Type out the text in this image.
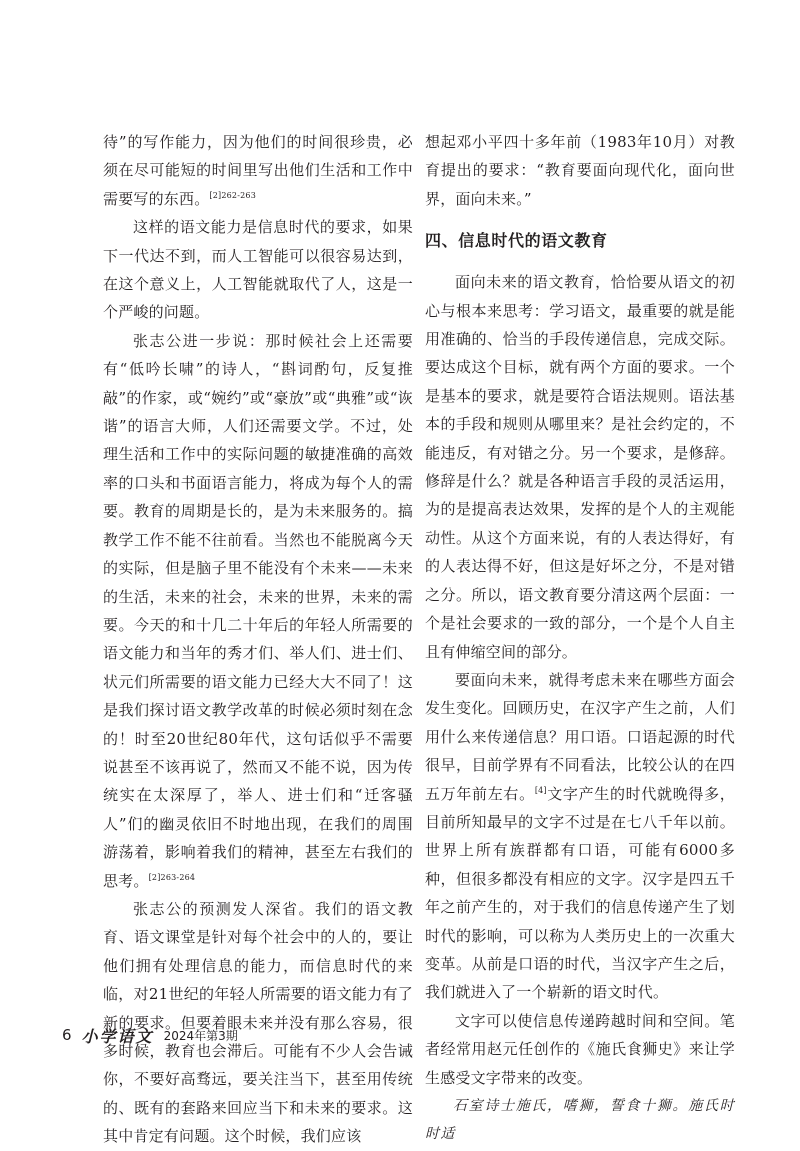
待”的写作能力，因为他们的时间很珍贵，必须在尽可能短的时间里写出他们生活和工作中需要写的东西。$^{[2]262-263}$

这样的语文能力是信息时代的要求，如果下一代达不到，而人工智能可以很容易达到，在这个意义上，人工智能就取代了人，这是一个严峻的问题。

张志公进一步说：那时候社会上还需要有“低吟长啸”的诗人，“斟词酌句，反复推敲”的作家，或“婉约”或“豪放”或“典雅”或“诙谐”的语言大师，人们还需要文学。不过，处理生活和工作中的实际问题的敏捷准确的高效率的口头和书面语言能力，将成为每个人的需要。教育的周期是长的，是为未来服务的。搞教学工作不能不往前看。当然也不能脱离今天的实际，但是脑子里不能没有个未来——未来的生活，未来的社会，未来的世界，未来的需要。今天的和十几二十年后的年轻人所需要的语文能力和当年的秀才们、举人们、进士们、状元们所需要的语文能力已经大大不同了！这是我们探讨语文教学改革的时候必须时刻在念的！时至20世纪80年代，这句话似乎不需要说甚至不该再说了，然而又不能不说，因为传统实在太深厚了，举人、进士们和“迁客骚人”们的幽灵依旧不时地出现，在我们的周围游荡着，影响着我们的精神，甚至左右我们的思考。$^{[2]263-264}$

张志公的预测发人深省。我们的语文教育、语文课堂是针对每个社会中的人的，要让他们拥有处理信息的能力，而信息时代的来临，对21世纪的年轻人所需要的语文能力有了新的要求。但要着眼未来并没有那么容易，很多时候，教育也会滞后。可能有不少人会告诫你，不要好高骛远，要关注当下，甚至用传统的、既有的套路来回应当下和未来的要求。这其中肯定有问题。这个时候，我们应该

想起邓小平四十多年前（1983年10月）对教育提出的要求：“教育要面向现代化，面向世界，面向未来。”

四、信息时代的语文教育

面向未来的语文教育，恰恰要从语文的初心与根本来思考：学习语文，最重要的就是能用准确的、恰当的手段传递信息，完成交际。要达成这个目标，就有两个方面的要求。一个是基本的要求，就是要符合语法规则。语法基本的手段和规则从哪里来？是社会约定的，不能违反，有对错之分。另一个要求，是修辞。修辞是什么？就是各种语言手段的灵活运用，为的是提高表达效果，发挥的是个人的主观能动性。从这个方面来说，有的人表达得好，有的人表达得不好，但这是好坏之分，不是对错之分。所以，语文教育要分清这两个层面：一个是社会要求的一致的部分，一个是个人自主且有伸缩空间的部分。

要面向未来，就得考虑未来在哪些方面会发生变化。回顾历史，在汉字产生之前，人们用什么来传递信息？用口语。口语起源的时代很早，目前学界有不同看法，比较公认的在四五万年前左右。[4]文字产生的时代就晚得多，目前所知最早的文字不过是在七八千年以前。世界上所有族群都有口语，可能有6000多种，但很多都没有相应的文字。汉字是四五千年之前产生的，对于我们的信息传递产生了划时代的影响，可以称为人类历史上的一次重大变革。从前是口语的时代，当汉字产生之后，我们就进入了一个崭新的语文时代。

文字可以使信息传递跨越时间和空间。笔者经常用赵元任创作的《施氏食狮史》来让学生感受文字带来的改变。

石室诗士施氏，嗜狮，誓食十狮。施氏时时适

6 小学语文 2024年第3期
